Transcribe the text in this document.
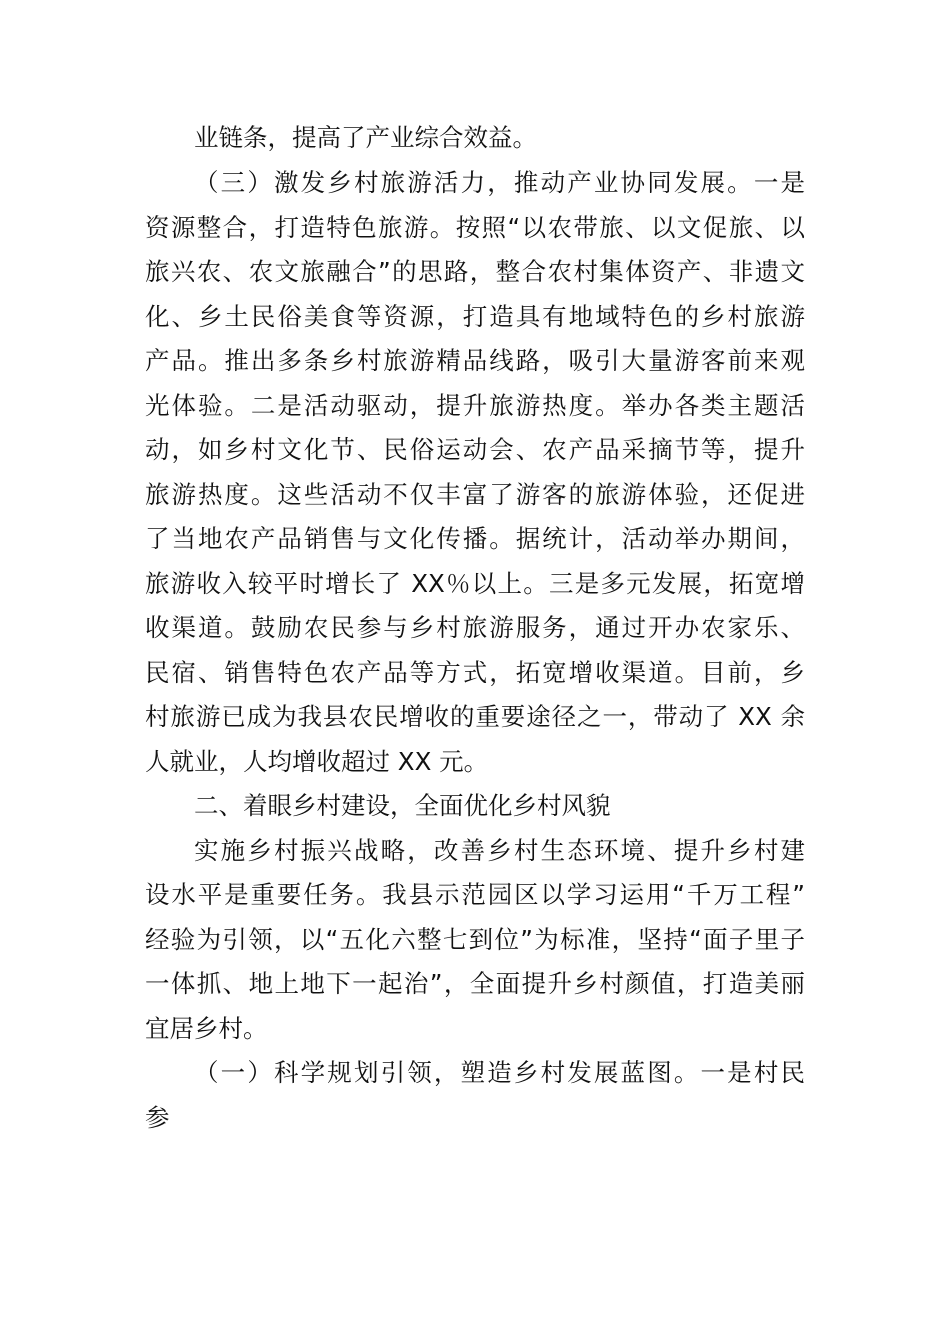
业链条，提高了产业综合效益。
（三）激发乡村旅游活力，推动产业协同发展。一是
资源整合，打造特色旅游。按照“以农带旅、以文促旅、以
旅兴农、农文旅融合”的思路，整合农村集体资产、非遗文
化、乡土民俗美食等资源，打造具有地域特色的乡村旅游
产品。推出多条乡村旅游精品线路，吸引大量游客前来观
光体验。二是活动驱动，提升旅游热度。举办各类主题活
动，如乡村文化节、民俗运动会、农产品采摘节等，提升
旅游热度。这些活动不仅丰富了游客的旅游体验，还促进
了当地农产品销售与文化传播。据统计，活动举办期间，
旅游收入较平时增长了 XX％以上。三是多元发展，拓宽增
收渠道。鼓励农民参与乡村旅游服务，通过开办农家乐、
民宿、销售特色农产品等方式，拓宽增收渠道。目前，乡
村旅游已成为我县农民增收的重要途径之一，带动了 XX 余
人就业，人均增收超过 XX 元。
二、着眼乡村建设，全面优化乡村风貌
实施乡村振兴战略，改善乡村生态环境、提升乡村建
设水平是重要任务。我县示范园区以学习运用“千万工程”
经验为引领，以“五化六整七到位”为标准，坚持“面子里子
一体抓、地上地下一起治”，全面提升乡村颜值，打造美丽
宜居乡村。
（一）科学规划引领，塑造乡村发展蓝图。一是村民
参
